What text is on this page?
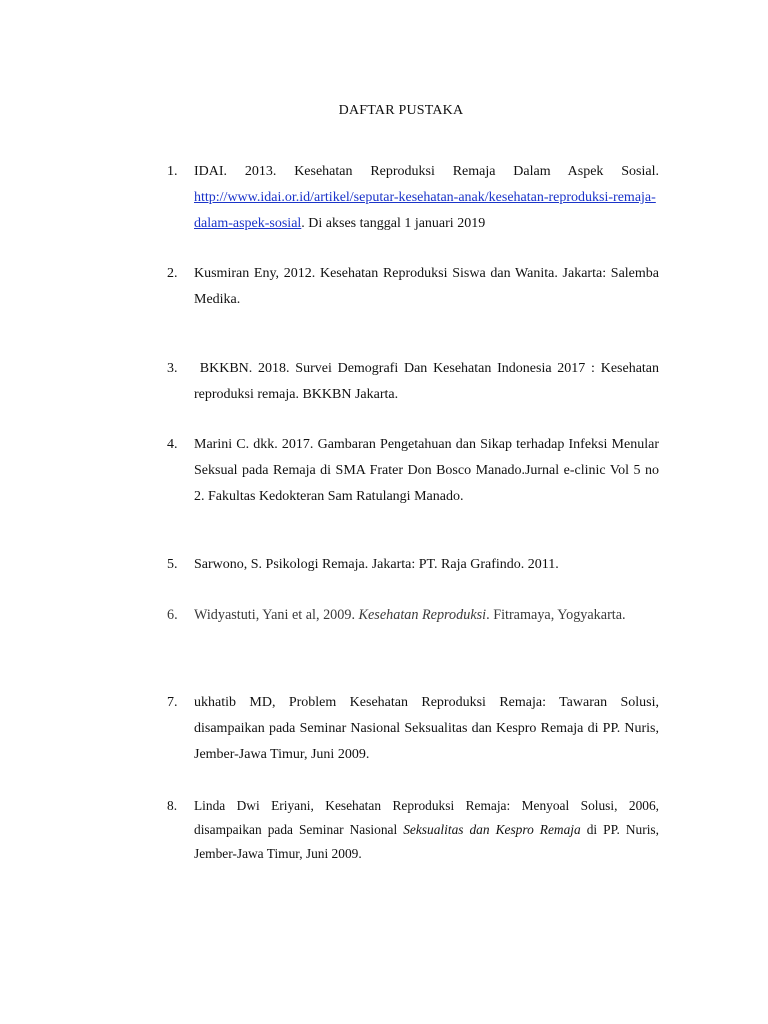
DAFTAR PUSTAKA
1.	IDAI. 2013. Kesehatan Reproduksi Remaja Dalam Aspek Sosial. http://www.idai.or.id/artikel/seputar-kesehatan-anak/kesehatan-reproduksi-remaja-dalam-aspek-sosial. Di akses tanggal 1 januari 2019
2.	Kusmiran Eny, 2012. Kesehatan Reproduksi Siswa dan Wanita. Jakarta: Salemba Medika.
3.	BKKBN. 2018. Survei Demografi Dan Kesehatan Indonesia 2017 : Kesehatan reproduksi remaja. BKKBN Jakarta.
4.	Marini C. dkk. 2017. Gambaran Pengetahuan dan Sikap terhadap Infeksi Menular Seksual pada Remaja di SMA Frater Don Bosco Manado.Jurnal e-clinic Vol 5 no 2. Fakultas Kedokteran Sam Ratulangi Manado.
5.	Sarwono, S. Psikologi Remaja. Jakarta: PT. Raja Grafindo. 2011.
6.	Widyastuti, Yani et al, 2009. Kesehatan Reproduksi. Fitramaya, Yogyakarta.
7.	ukhatib MD, Problem Kesehatan Reproduksi Remaja: Tawaran Solusi, disampaikan pada Seminar Nasional Seksualitas dan Kespro Remaja di PP. Nuris, Jember-Jawa Timur, Juni 2009.
8.	Linda Dwi Eriyani, Kesehatan Reproduksi Remaja: Menyoal Solusi, 2006, disampaikan pada Seminar Nasional Seksualitas dan Kespro Remaja di PP. Nuris, Jember-Jawa Timur, Juni 2009.
